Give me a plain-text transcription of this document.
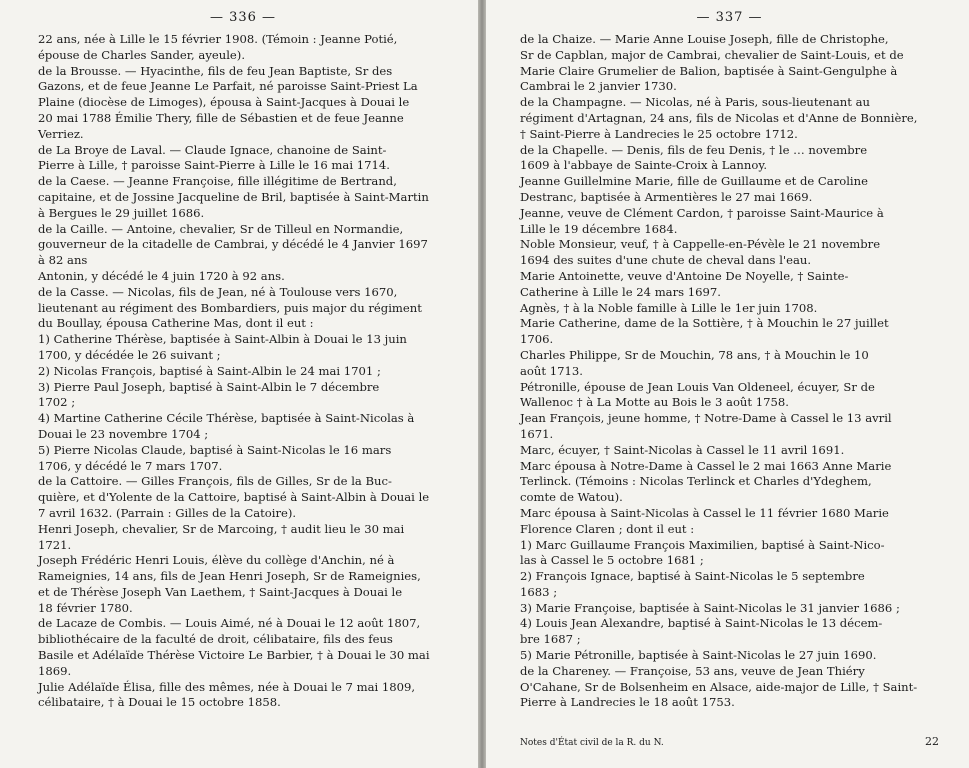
— 336 —
22 ans, née à Lille le 15 février 1908. (Témoin : Jeanne Potié,
épouse de Charles Sander, ayeule).
de la Brousse. — Hyacinthe, fils de feu Jean Baptiste, Sr des
Gazons, et de feue Jeanne Le Parfait, né paroisse Saint-Priest La
Plaine (diocèse de Limoges), épousa à Saint-Jacques à Douai le
20 mai 1788 Émilie Thery, fille de Sébastien et de feue Jeanne
Verriez.
de La Broye de Laval. — Claude Ignace, chanoine de Saint-
Pierre à Lille, † paroisse Saint-Pierre à Lille le 16 mai 1714.
de la Caese. — Jeanne Françoise, fille illégitime de Bertrand,
capitaine, et de Jossine Jacqueline de Bril, baptisée à Saint-Martin
à Bergues le 29 juillet 1686.
de la Caille. — Antoine, chevalier, Sr de Tilleul en Normandie,
gouverneur de la citadelle de Cambrai, y décédé le 4 Janvier 1697
à 82 ans
Antonin, y décédé le 4 juin 1720 à 92 ans.
de la Casse. — Nicolas, fils de Jean, né à Toulouse vers 1670,
lieutenant au régiment des Bombardiers, puis major du régiment
du Boullay, épousa Catherine Mas, dont il eut :
1) Catherine Thérèse, baptisée à Saint-Albin à Douai le 13 juin
1700, y décédée le 26 suivant ;
2) Nicolas François, baptisé à Saint-Albin le 24 mai 1701 ;
3) Pierre Paul Joseph, baptisé à Saint-Albin le 7 décembre
1702 ;
4) Martine Catherine Cécile Thérèse, baptisée à Saint-Nicolas à
Douai le 23 novembre 1704 ;
5) Pierre Nicolas Claude, baptisé à Saint-Nicolas le 16 mars
1706, y décédé le 7 mars 1707.
de la Cattoire. — Gilles François, fils de Gilles, Sr de la Buc-
quière, et d'Yolente de la Cattoire, baptisé à Saint-Albin à Douai le
7 avril 1632. (Parrain : Gilles de la Catoire).
Henri Joseph, chevalier, Sr de Marcoing, † audit lieu le 30 mai
1721.
Joseph Frédéric Henri Louis, élève du collège d'Anchin, né à
Rameignies, 14 ans, fils de Jean Henri Joseph, Sr de Rameignies,
et de Thérèse Joseph Van Laethem, † Saint-Jacques à Douai le
18 février 1780.
de Lacaze de Combis. — Louis Aimé, né à Douai le 12 août 1807,
bibliothécaire de la faculté de droit, célibataire, fils des feus
Basile et Adélaïde Thérèse Victoire Le Barbier, † à Douai le 30 mai
1869.
Julie Adélaïde Élisa, fille des mêmes, née à Douai le 7 mai 1809,
célibataire, † à Douai le 15 octobre 1858.
— 337 —
de la Chaize. — Marie Anne Louise Joseph, fille de Christophe,
Sr de Capblan, major de Cambrai, chevalier de Saint-Louis, et de
Marie Claire Grumelier de Balion, baptisée à Saint-Gengulphe à
Cambrai le 2 janvier 1730.
de la Champagne. — Nicolas, né à Paris, sous-lieutenant au
régiment d'Artagnan, 24 ans, fils de Nicolas et d'Anne de Bonnière,
† Saint-Pierre à Landrecies le 25 octobre 1712.
de la Chapelle. — Denis, fils de feu Denis, † le … novembre
1609 à l'abbaye de Sainte-Croix à Lannoy.
Jeanne Guillelmine Marie, fille de Guillaume et de Caroline
Destranc, baptisée à Armentières le 27 mai 1669.
Jeanne, veuve de Clément Cardon, † paroisse Saint-Maurice à
Lille le 19 décembre 1684.
Noble Monsieur, veuf, † à Cappelle-en-Pévèle le 21 novembre
1694 des suites d'une chute de cheval dans l'eau.
Marie Antoinette, veuve d'Antoine De Noyelle, † Sainte-
Catherine à Lille le 24 mars 1697.
Agnès, † à la Noble famille à Lille le 1er juin 1708.
Marie Catherine, dame de la Sottière, † à Mouchin le 27 juillet
1706.
Charles Philippe, Sr de Mouchin, 78 ans, † à Mouchin le 10
août 1713.
Pétronille, épouse de Jean Louis Van Oldeneel, écuyer, Sr de
Wallenoc † à La Motte au Bois le 3 août 1758.
Jean François, jeune homme, † Notre-Dame à Cassel le 13 avril
1671.
Marc, écuyer, † Saint-Nicolas à Cassel le 11 avril 1691.
Marc épousa à Notre-Dame à Cassel le 2 mai 1663 Anne Marie
Terlinck. (Témoins : Nicolas Terlinck et Charles d'Ydeghem,
comte de Watou).
Marc épousa à Saint-Nicolas à Cassel le 11 février 1680 Marie
Florence Claren ; dont il eut :
1) Marc Guillaume François Maximilien, baptisé à Saint-Nico-
las à Cassel le 5 octobre 1681 ;
2) François Ignace, baptisé à Saint-Nicolas le 5 septembre
1683 ;
3) Marie Françoise, baptisée à Saint-Nicolas le 31 janvier 1686 ;
4) Louis Jean Alexandre, baptisé à Saint-Nicolas le 13 décem-
bre 1687 ;
5) Marie Pétronille, baptisée à Saint-Nicolas le 27 juin 1690.
de la Chareney. — Françoise, 53 ans, veuve de Jean Thiéry
O'Cahane, Sr de Bolsenheim en Alsace, aide-major de Lille, † Saint-
Pierre à Landrecies le 18 août 1753.
Notes d'État civil de la R. du N.	22
